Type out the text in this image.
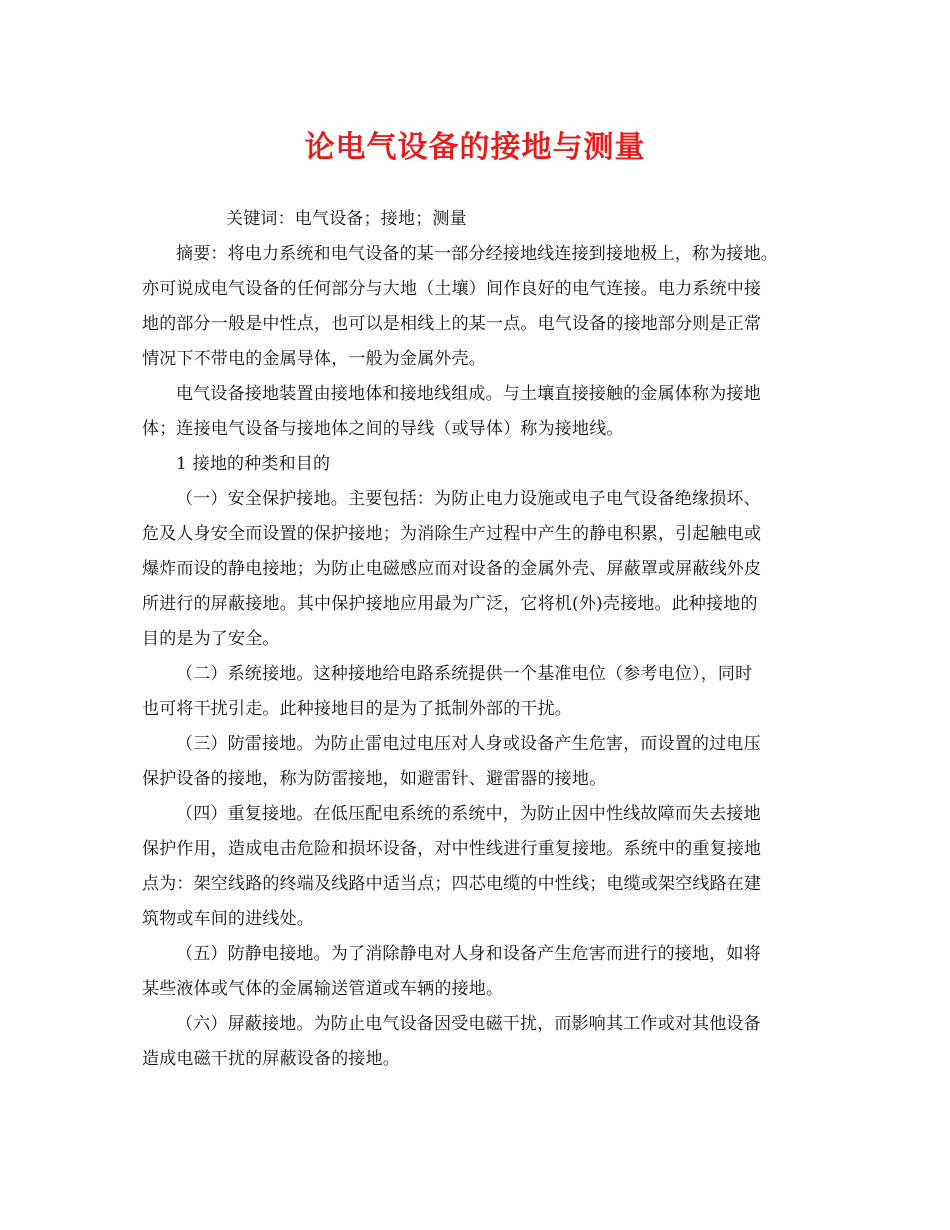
论电气设备的接地与测量
关键词：电气设备；接地；测量
摘要：将电力系统和电气设备的某一部分经接地线连接到接地极上，称为接地。
亦可说成电气设备的任何部分与大地（土壤）间作良好的电气连接。电力系统中接
地的部分一般是中性点，也可以是相线上的某一点。电气设备的接地部分则是正常
情况下不带电的金属导体，一般为金属外壳。
电气设备接地装置由接地体和接地线组成。与土壤直接接触的金属体称为接地
体；连接电气设备与接地体之间的导线（或导体）称为接地线。
1 接地的种类和目的
（一）安全保护接地。主要包括：为防止电力设施或电子电气设备绝缘损坏、
危及人身安全而设置的保护接地；为消除生产过程中产生的静电积累，引起触电或
爆炸而设的静电接地；为防止电磁感应而对设备的金属外壳、屏蔽罩或屏蔽线外皮
所进行的屏蔽接地。其中保护接地应用最为广泛，它将机(外)壳接地。此种接地的
目的是为了安全。
（二）系统接地。这种接地给电路系统提供一个基准电位（参考电位），同时
也可将干扰引走。此种接地目的是为了抵制外部的干扰。
（三）防雷接地。为防止雷电过电压对人身或设备产生危害，而设置的过电压
保护设备的接地，称为防雷接地，如避雷针、避雷器的接地。
（四）重复接地。在低压配电系统的系统中，为防止因中性线故障而失去接地
保护作用，造成电击危险和损坏设备，对中性线进行重复接地。系统中的重复接地
点为：架空线路的终端及线路中适当点；四芯电缆的中性线；电缆或架空线路在建
筑物或车间的进线处。
（五）防静电接地。为了消除静电对人身和设备产生危害而进行的接地，如将
某些液体或气体的金属输送管道或车辆的接地。
（六）屏蔽接地。为防止电气设备因受电磁干扰，而影响其工作或对其他设备
造成电磁干扰的屏蔽设备的接地。
